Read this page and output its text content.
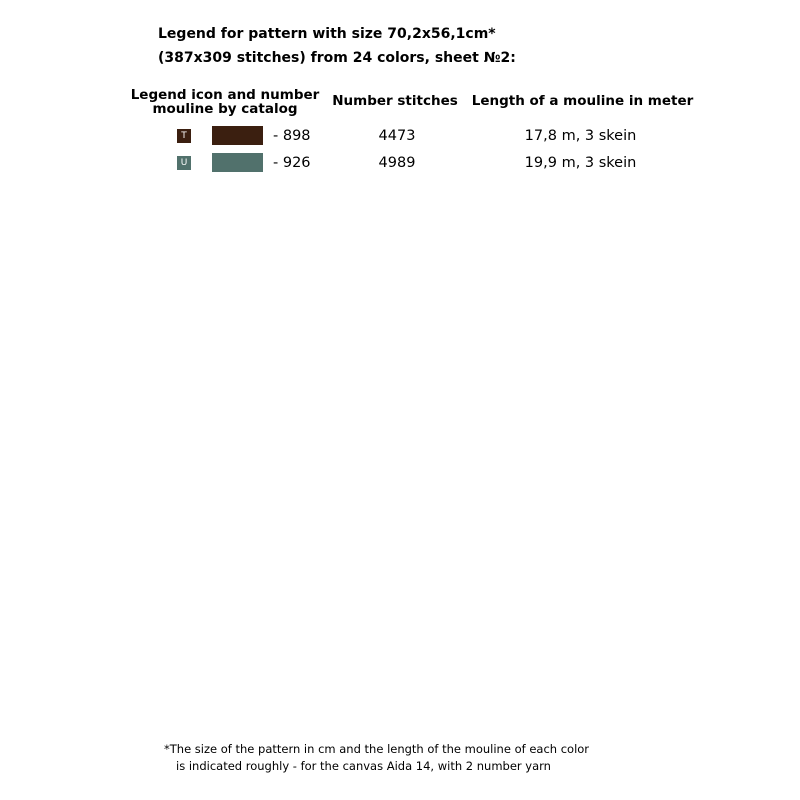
Legend for pattern with size 70,2x56,1cm*
(387x309 stitches) from 24 colors, sheet №2:
Legend icon and number
mouline by catalog	Number stitches	Length of a mouline in meter
T	- 898	4473	17,8 m, 3 skein
U	- 926	4989	19,9 m, 3 skein
*The size of the pattern in cm and the length of the mouline of each color
is indicated roughly - for the canvas Aida 14, with 2 number yarn
